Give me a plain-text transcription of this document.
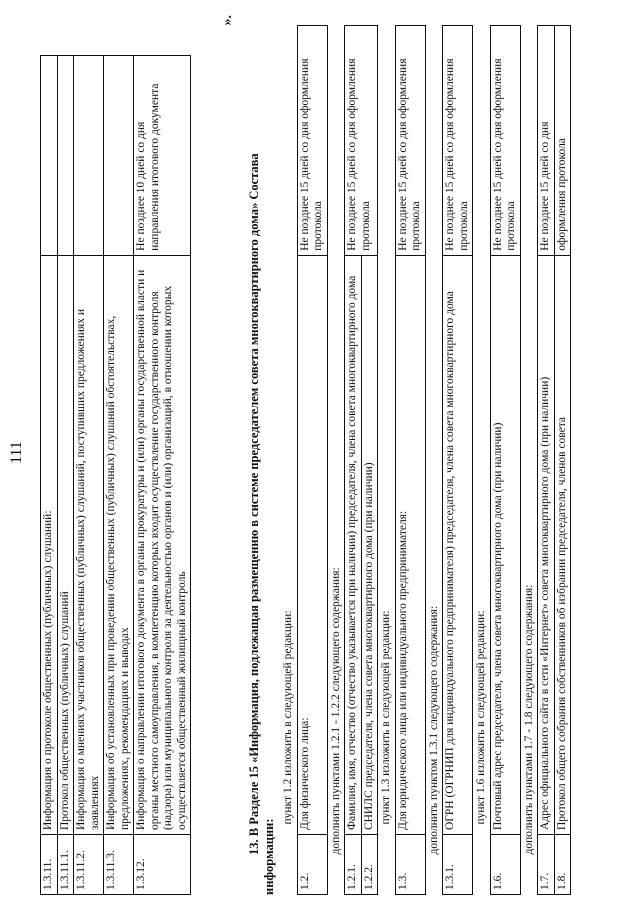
111
1.3.11.	Информация о протоколе общественных (публичных) слушаний:	
1.3.11.1.	Протокол общественных (публичных) слушаний	
1.3.11.2.	Информация о мнениях участников общественных (публичных) слушаний, поступивших предложениях и заявлениях	
1.3.11.3.	Информация об установленных при проведении общественных (публичных) слушаний обстоятельствах, предложениях, рекомендациях и выводах	
1.3.12.	Информация о направлении итогового документа в органы прокуратуры и (или) органы государственной власти и органы местного самоуправления, в компетенцию которых входит осуществление государственного контроля (надзора) или муниципального контроля за деятельностью органов и (или) организаций, в отношении которых осуществляется общественный жилищный контроль	Не позднее 10 дней со дня направления итогового документа
».
13. В Разделе 15 «Информация, подлежащая размещению в системе председателем совета многоквартирного дома» Состава
информации:
пункт 1.2 изложить в следующей редакции:		
1.2.	Для физического лица:	Не позднее 15 дней со дня оформления протокола
дополнить пунктами 1.2.1 - 1.2.2 следующего содержания:		
1.2.1.	Фамилия, имя, отчество (отчество указывается при наличии) председателя, члена совета многоквартирного дома	Не позднее 15 дней со дня оформления протокола
1.2.2.	СНИЛС председателя, члена совета многоквартирного дома (при наличии)	
пункт 1.3 изложить в следующей редакции:		
1.3.	Для юридического лица или индивидуального предпринимателя:	Не позднее 15 дней со дня оформления протокола
дополнить пунктом 1.3.1 следующего содержания:		
1.3.1.	ОГРН (ОГРНИП для индивидуального предпринимателя) председателя, члена совета многоквартирного дома	Не позднее 15 дней со дня оформления протокола
пункт 1.6 изложить в следующей редакции:		
1.6.	Почтовый адрес председателя, члена совета многоквартирного дома (при наличии)	Не позднее 15 дней со дня оформления протокола
дополнить пунктами 1.7 - 1.8 следующего содержания:		
1.7.	Адрес официального сайта в сети «Интернет» совета многоквартирного дома (при наличии)	Не позднее 15 дней со дня
1.8.	Протокол общего собрания собственников об избрании председателя, членов совета	оформления протокола
